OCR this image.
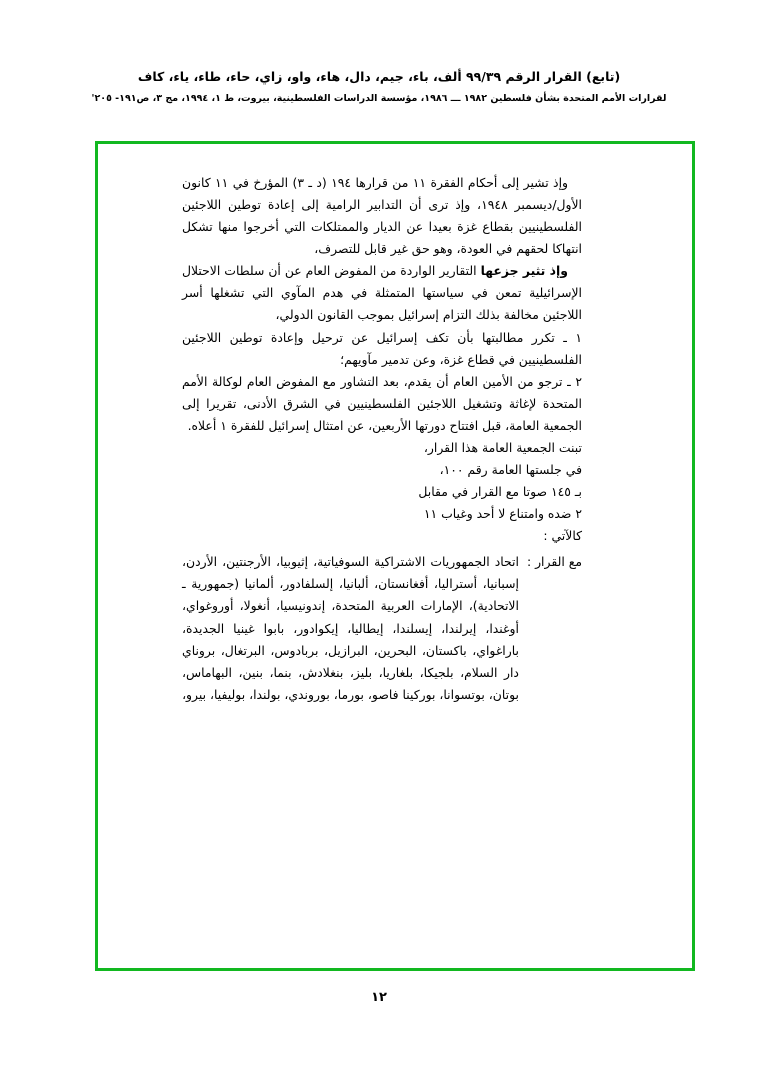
(تابع) القرار الرقم ٩٩/٣٩ ألف، باء، جيم، دال، هاء، واو، زاي، حاء، طاء، ياء، كاف
لقرارات الأمم المتحدة بشأن فلسطين ١٩٨٢ ـــ ١٩٨٦، مؤسسة الدراسات الفلسطينية، بيروت، ط ١، ١٩٩٤، مج ٣، ص١٩١- ٢٠٥'

وإذ تشير إلى أحكام الفقرة ١١ من قرارها ١٩٤ (د ـ ٣) المؤرخ في ١١ كانون الأول/ديسمبر ١٩٤٨، وإذ ترى أن التدابير الرامية إلى إعادة توطين اللاجئين الفلسطينيين بقطاع غزة بعيدا عن الديار والممتلكات التي أخرجوا منها تشكل انتهاكا لحقهم في العودة، وهو حق غير قابل للتصرف،

وإذ تثير جزعها التقارير الواردة من المفوض العام عن أن سلطات الاحتلال الإسرائيلية تمعن في سياستها المتمثلة في هدم المآوي التي تشغلها أسر اللاجئين مخالفة بذلك التزام إسرائيل بموجب القانون الدولي،

١ ـ تكرر مطالبتها بأن تكف إسرائيل عن ترحيل وإعادة توطين اللاجئين الفلسطينيين في قطاع غزة، وعن تدمير مآويهم؛

٢ ـ ترجو من الأمين العام أن يقدم، بعد التشاور مع المفوض العام لوكالة الأمم المتحدة لإغاثة وتشغيل اللاجئين الفلسطينيين في الشرق الأدنى، تقريرا إلى الجمعية العامة، قبل افتتاح دورتها الأربعين، عن امتثال إسرائيل للفقرة ١ أعلاه.

تبنت الجمعية العامة هذا القرار،

في جلستها العامة رقم ١٠٠،

بـ ١٤٥ صوتا مع القرار في مقابل

٢ ضده وامتناع لا أحد وغياب ١١

كالآتي :

مع القرار :
اتحاد الجمهوريات الاشتراكية السوفياتية، إثيوبيا، الأرجنتين، الأردن، إسبانيا، أستراليا، أفغانستان، ألبانيا، إلسلفادور، ألمانيا (جمهورية ـ الاتحادية)، الإمارات العربية المتحدة، إندونيسيا، أنغولا، أوروغواي، أوغندا، إيرلندا، إيسلندا، إيطاليا، إيكوادور، بابوا غينيا الجديدة، باراغواي، باكستان، البحرين، البرازيل، بربادوس، البرتغال، بروناي دار السلام، بلجيكا، بلغاريا، بليز، بنغلادش، بنما، بنين، البهاماس، بوتان، بوتسوانا، بوركينا فاصو، بورما، بوروندي، بولندا، بوليفيا، بيرو،
١٢
